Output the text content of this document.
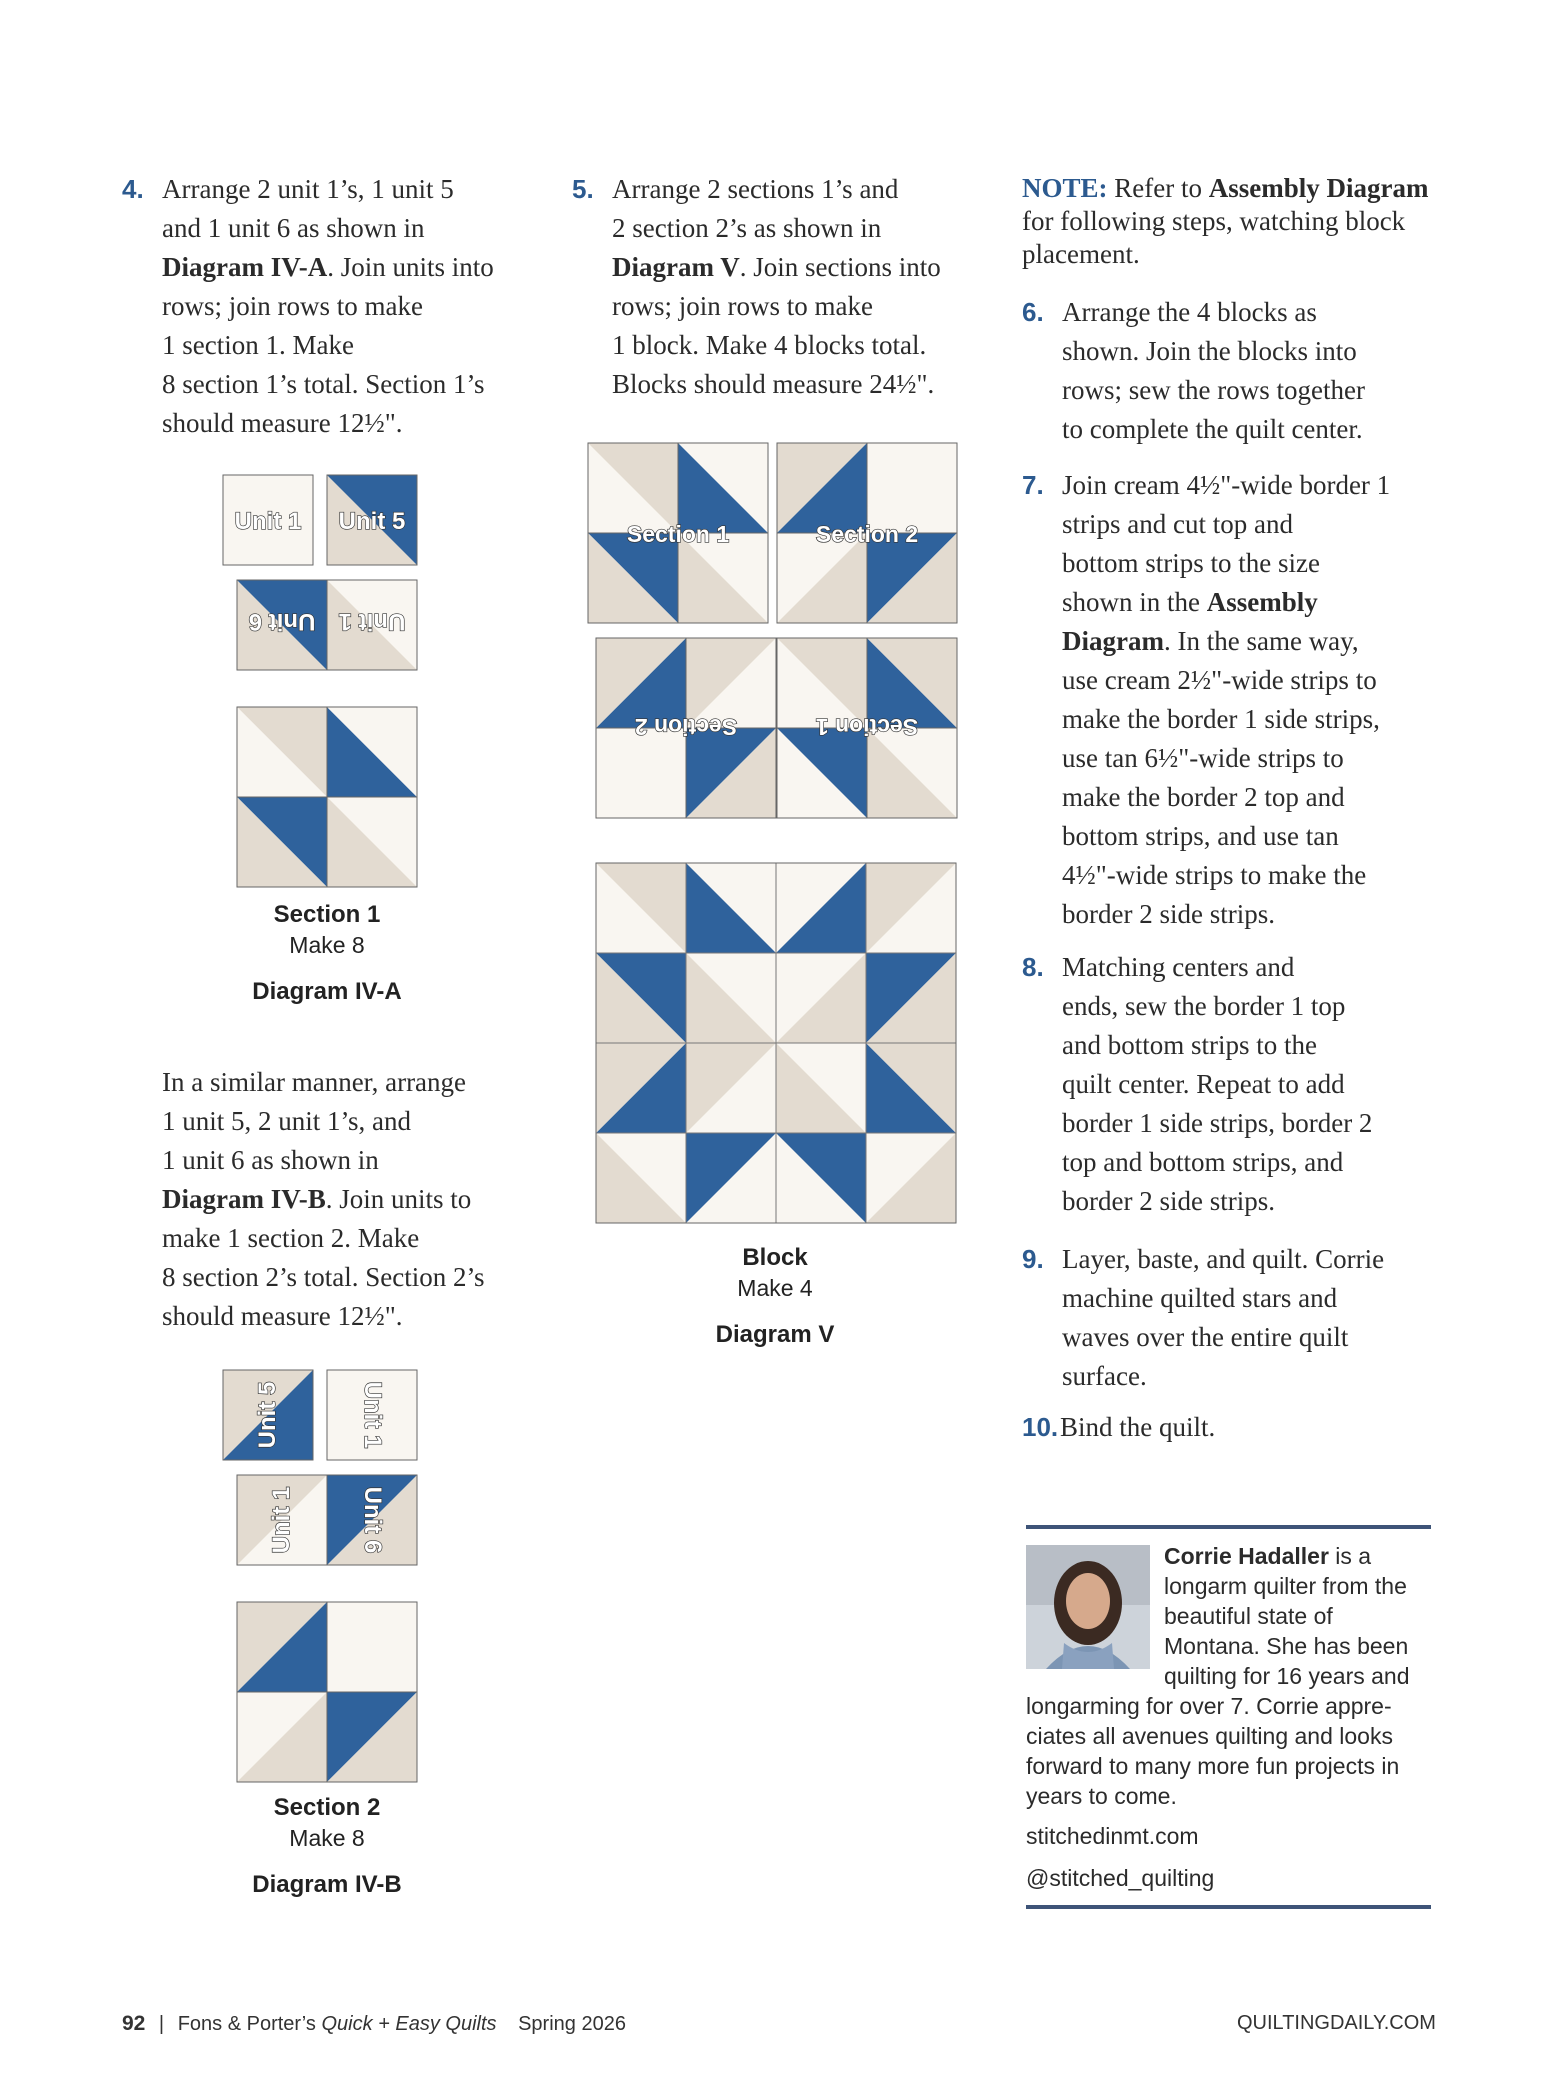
4. Arrange 2 unit 1’s, 1 unit 5
and 1 unit 6 as shown in
Diagram IV-A. Join units into
rows; join rows to make
1 section 1. Make
8 section 1’s total. Section 1’s
should measure 12½".
Unit 1 Unit 5
Unit 6 Unit 1
Section 1
Make 8
Diagram IV-A
In a similar manner, arrange
1 unit 5, 2 unit 1’s, and
1 unit 6 as shown in
Diagram IV-B. Join units to
make 1 section 2. Make
8 section 2’s total. Section 2’s
should measure 12½".
Unit 5	Unit 1
Unit 1	Unit 6
Section 2
Make 8
Diagram IV-B
5. Arrange 2 sections 1’s and
2 section 2’s as shown in
Diagram V. Join sections into
rows; join rows to make
1 block. Make 4 blocks total.
Blocks should measure 24½".
Section 1	Section 2
Section 2	Section 1
Block
Make 4
Diagram V
NOTE: Refer to Assembly Diagram for following steps, watching block placement.
6. Arrange the 4 blocks as
shown. Join the blocks into
rows; sew the rows together
to complete the quilt center.
7. Join cream 4½"-wide border 1
strips and cut top and
bottom strips to the size
shown in the Assembly
Diagram. In the same way,
use cream 2½"-wide strips to
make the border 1 side strips,
use tan 6½"-wide strips to
make the border 2 top and
bottom strips, and use tan
4½"-wide strips to make the
border 2 side strips.
8. Matching centers and
ends, sew the border 1 top
and bottom strips to the
quilt center. Repeat to add
border 1 side strips, border 2
top and bottom strips, and
border 2 side strips.
9. Layer, baste, and quilt. Corrie
machine quilted stars and
waves over the entire quilt
surface.
10. Bind the quilt.

Corrie Hadaller is a longarm quilter from the beautiful state of Montana. She has been quilting for 16 years and longarming for over 7. Corrie appreciates all avenues quilting and looks forward to many more fun projects in years to come.

stitchedinmt.com

@stitched_quilting

92 | Fons & Porter’s Quick + Easy Quilts Spring 2026	QUILTINGDAILY.COM
